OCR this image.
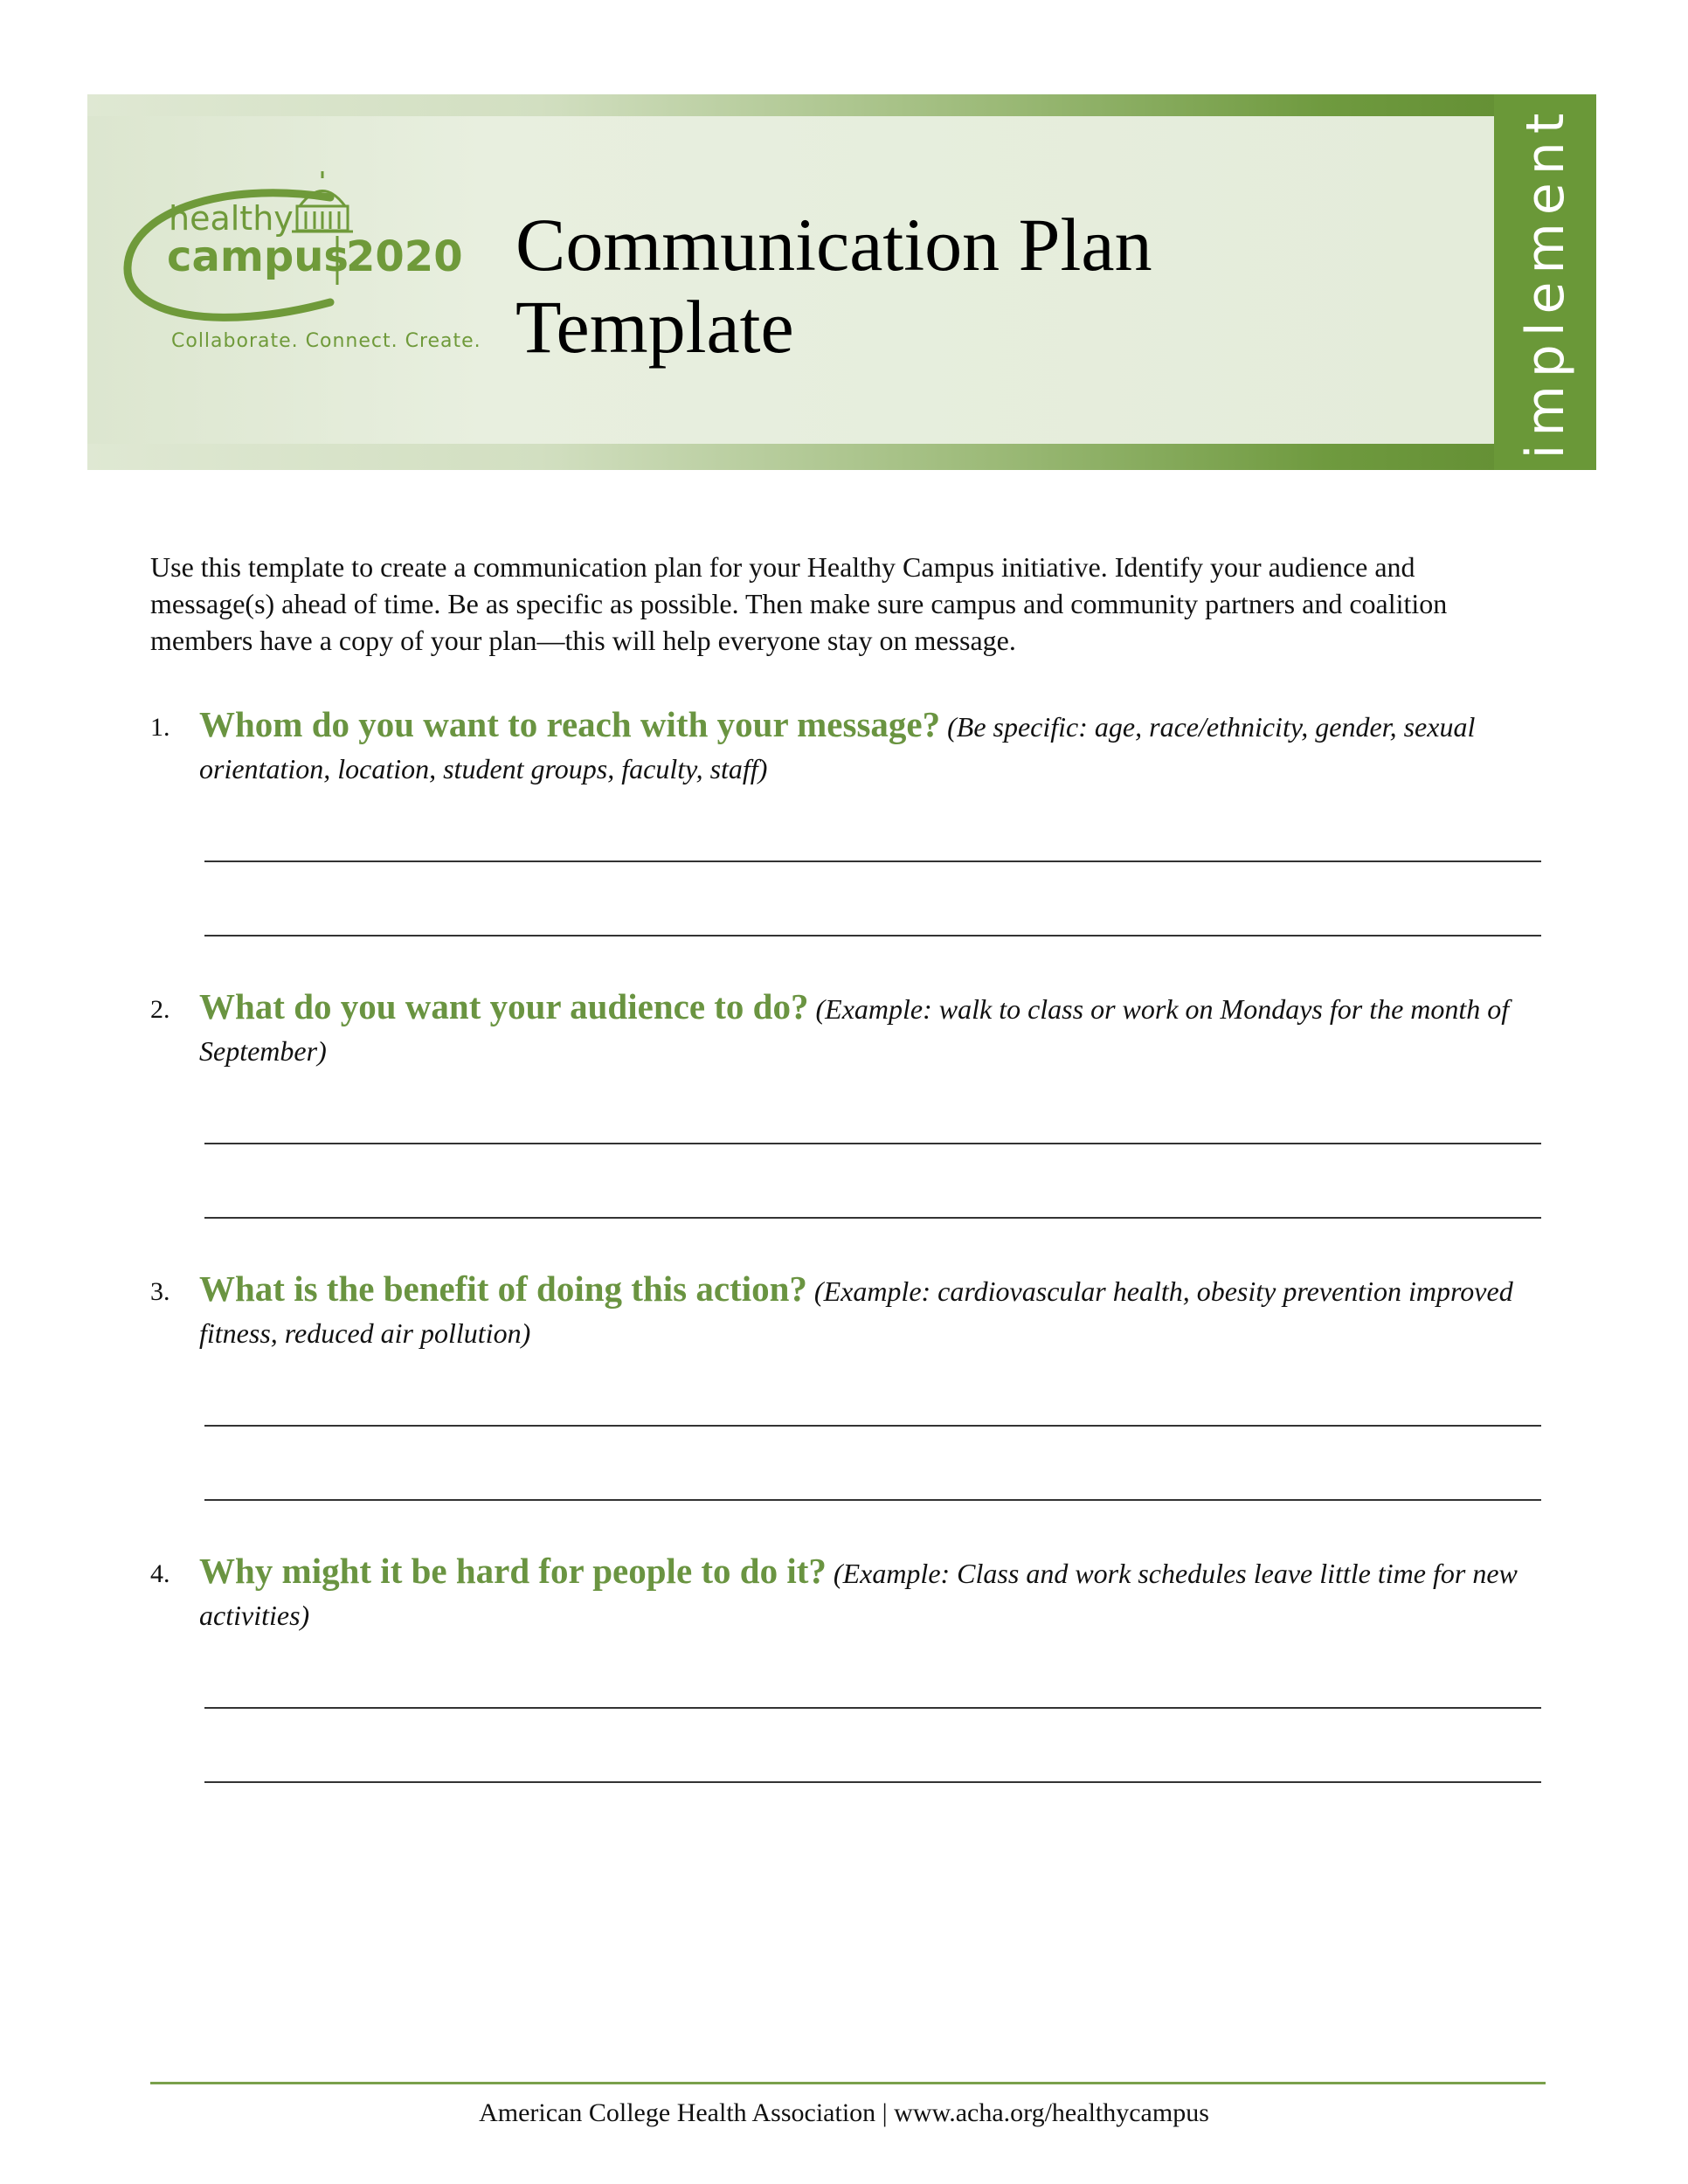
implement
healthy
campus
2020
Collaborate. Connect. Create.
Communication Plan
Template

Use this template to create a communication plan for your Healthy Campus initiative. Identify your audience and message(s) ahead of time. Be as specific as possible. Then make sure campus and community partners and coalition members have a copy of your plan—this will help everyone stay on message.

1. Whom do you want to reach with your message? (Be specific: age, race/ethnicity, gender, sexual orientation, location, student groups, faculty, staff)
2. What do you want your audience to do? (Example: walk to class or work on Mondays for the month of September)
3. What is the benefit of doing this action? (Example: cardiovascular health, obesity prevention improved fitness, reduced air pollution)
4. Why might it be hard for people to do it? (Example: Class and work schedules leave little time for new activities)
American College Health Association | www.acha.org/healthycampus
